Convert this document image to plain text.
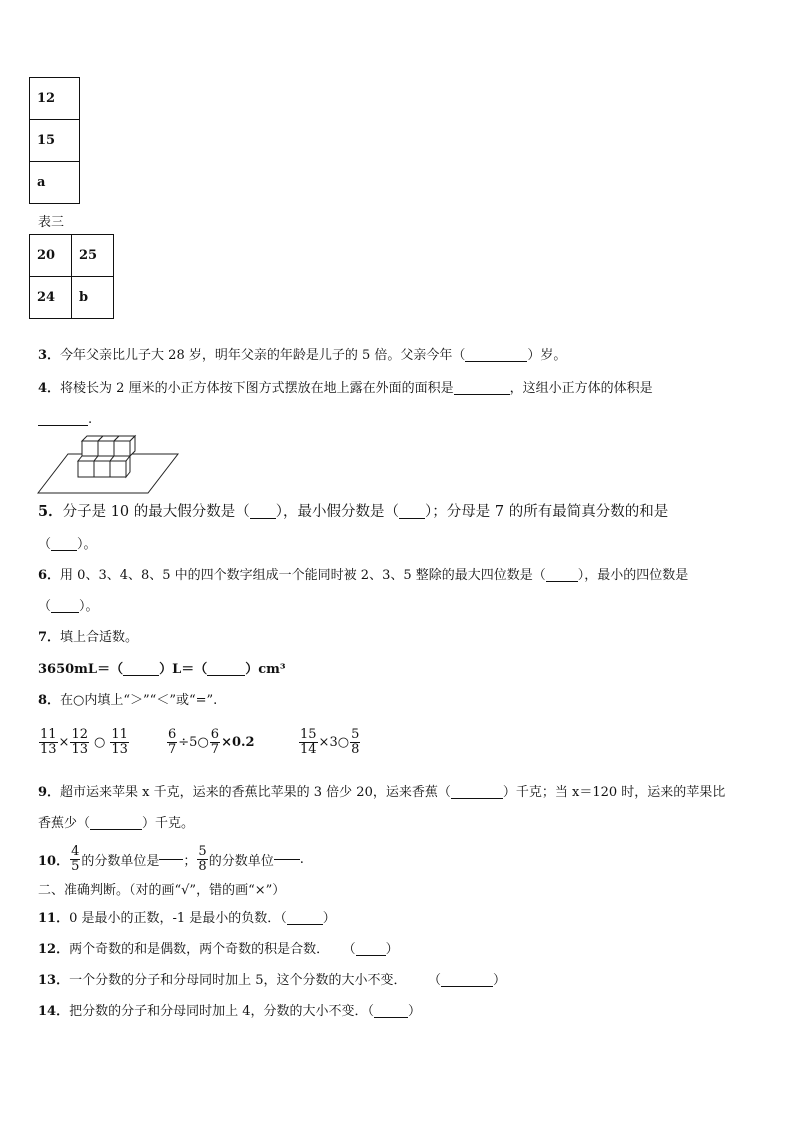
12
15
a
表三
20	25
24	b
3．今年父亲比儿子大 28 岁，明年父亲的年龄是儿子的 5 倍。父亲今年（	）岁。
4．将棱长为 2 厘米的小正方体按下图方式摆放在地上露在外面的面积是	，这组小正方体的体积是
.
5．分子是 10 的最大假分数是（ ），最小假分数是（ ）；分母是 7 的所有最简真分数的和是
（ ）。
6．用 0、3、4、8、5 中的四个数字组成一个能同时被 2、3、5 整除的最大四位数是（ ），最小的四位数是
（ ）。
7．填上合适数。
3650mL＝（	）L＝（	）cm³
8．在○内填上“＞”“＜”或“=”.
$\frac{11}{13} \times \frac{12}{13}$ ○ $\frac{11}{13}$	$\frac{6}{7}$ ÷5○ $\frac{6}{7} \times 0.2$	$\frac{15}{14}$ ×3○ $\frac{5}{8}$
9．超市运来苹果 x 千克，运来的香蕉比苹果的 3 倍少 20，运来香蕉（	）千克；当 x＝120 时，运来的苹果比
香蕉少（	）千克。
10． $\frac{4}{5}$ 的分数单位是 ； $\frac{5}{8}$ 的分数单位 .
二、准确判断。（对的画“√”，错的画“×”）
11．0 是最小的正数，-1 是最小的负数．（	）
12．两个奇数的和是偶数，两个奇数的积是合数． （ ）
13．一个分数的分子和分母同时加上 5，这个分数的大小不变． （	）
14．把分数的分子和分母同时加上 4，分数的大小不变．（	）
